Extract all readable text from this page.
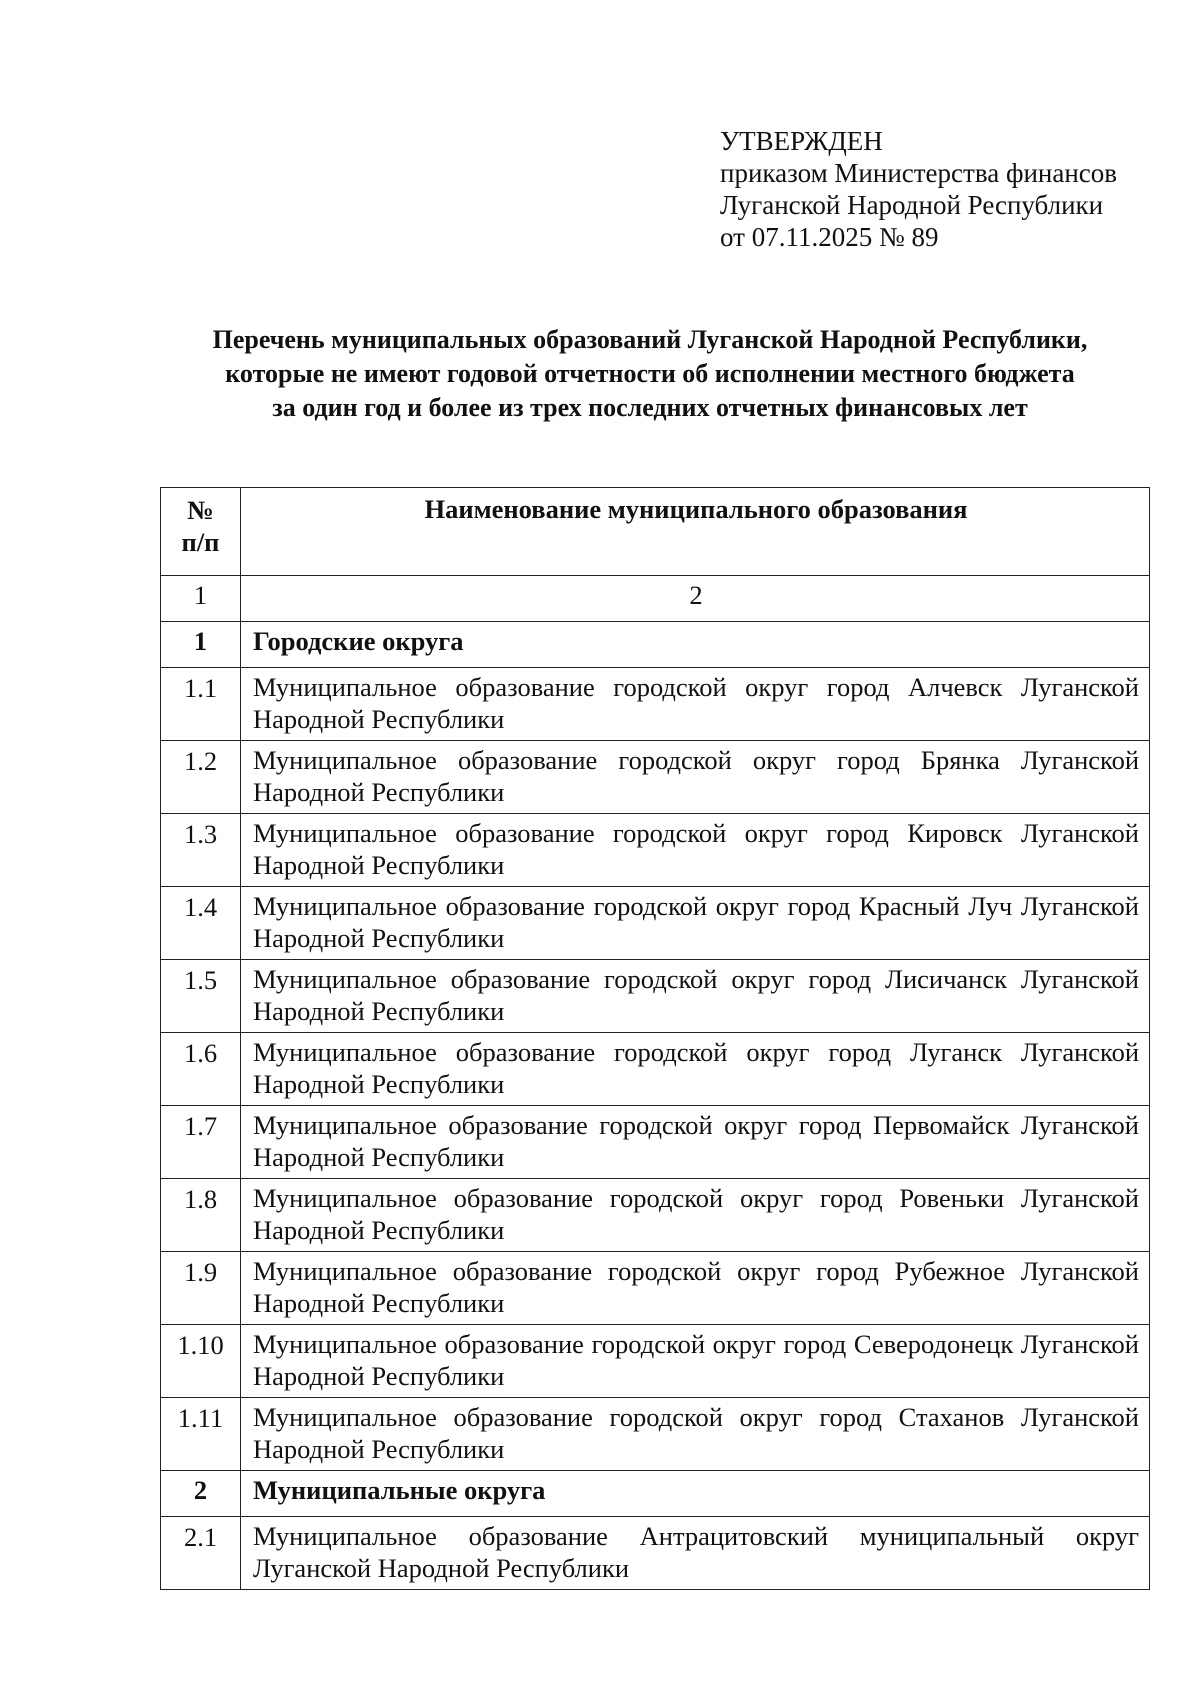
УТВЕРЖДЕН
приказом Министерства финансов
Луганской Народной Республики
от 07.11.2025 № 89
Перечень муниципальных образований Луганской Народной Республики,
которые не имеют годовой отчетности об исполнении местного бюджета
за один год и более из трех последних отчетных финансовых лет
№
п/п	Наименование муниципального образования
1	2
1	Городские округа
1.1	Муниципальное образование городской округ город Алчевск Луганской Народной Республики
1.2	Муниципальное образование городской округ город Брянка Луганской Народной Республики
1.3	Муниципальное образование городской округ город Кировск Луганской Народной Республики
1.4	Муниципальное образование городской округ город Красный Луч Луганской Народной Республики
1.5	Муниципальное образование городской округ город Лисичанск Луганской Народной Республики
1.6	Муниципальное образование городской округ город Луганск Луганской Народной Республики
1.7	Муниципальное образование городской округ город Первомайск Луганской Народной Республики
1.8	Муниципальное образование городской округ город Ровеньки Луганской Народной Республики
1.9	Муниципальное образование городской округ город Рубежное Луганской Народной Республики
1.10	Муниципальное образование городской округ город Северодонецк Луганской Народной Республики
1.11	Муниципальное образование городской округ город Стаханов Луганской Народной Республики
2	Муниципальные округа
2.1	Муниципальное образование Антрацитовский муниципальный округ Луганской Народной Республики
